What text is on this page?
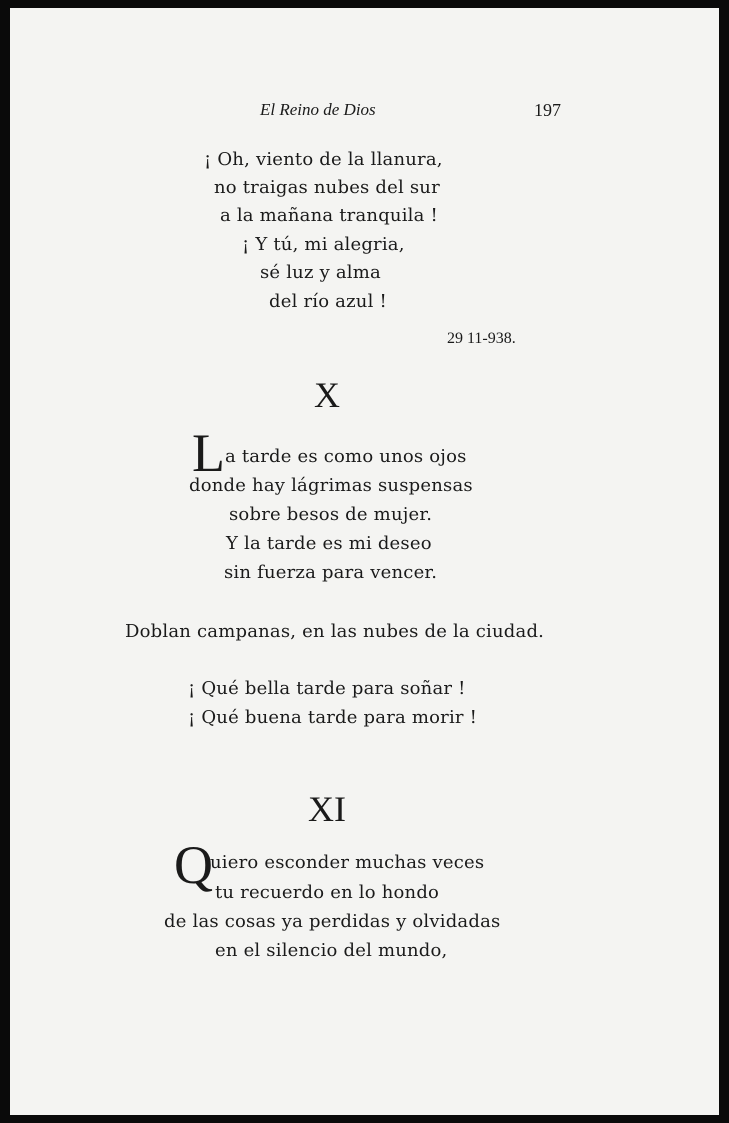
El Reino de Dios	197
¡ Oh, viento de la llanura,
no traigas nubes del sur
a la mañana tranquila !
¡ Y tú, mi alegria,
sé luz y alma
del río azul !
29 11-938.
X
L a tarde es como unos ojos
donde hay lágrimas suspensas
sobre besos de mujer.
Y la tarde es mi deseo
sin fuerza para vencer.
Doblan campanas, en las nubes de la ciudad.
¡ Qué bella tarde para soñar !
¡ Qué buena tarde para morir !
XI
Q
uiero esconder muchas veces
tu recuerdo en lo hondo
de las cosas ya perdidas y olvidadas
en el silencio del mundo,
